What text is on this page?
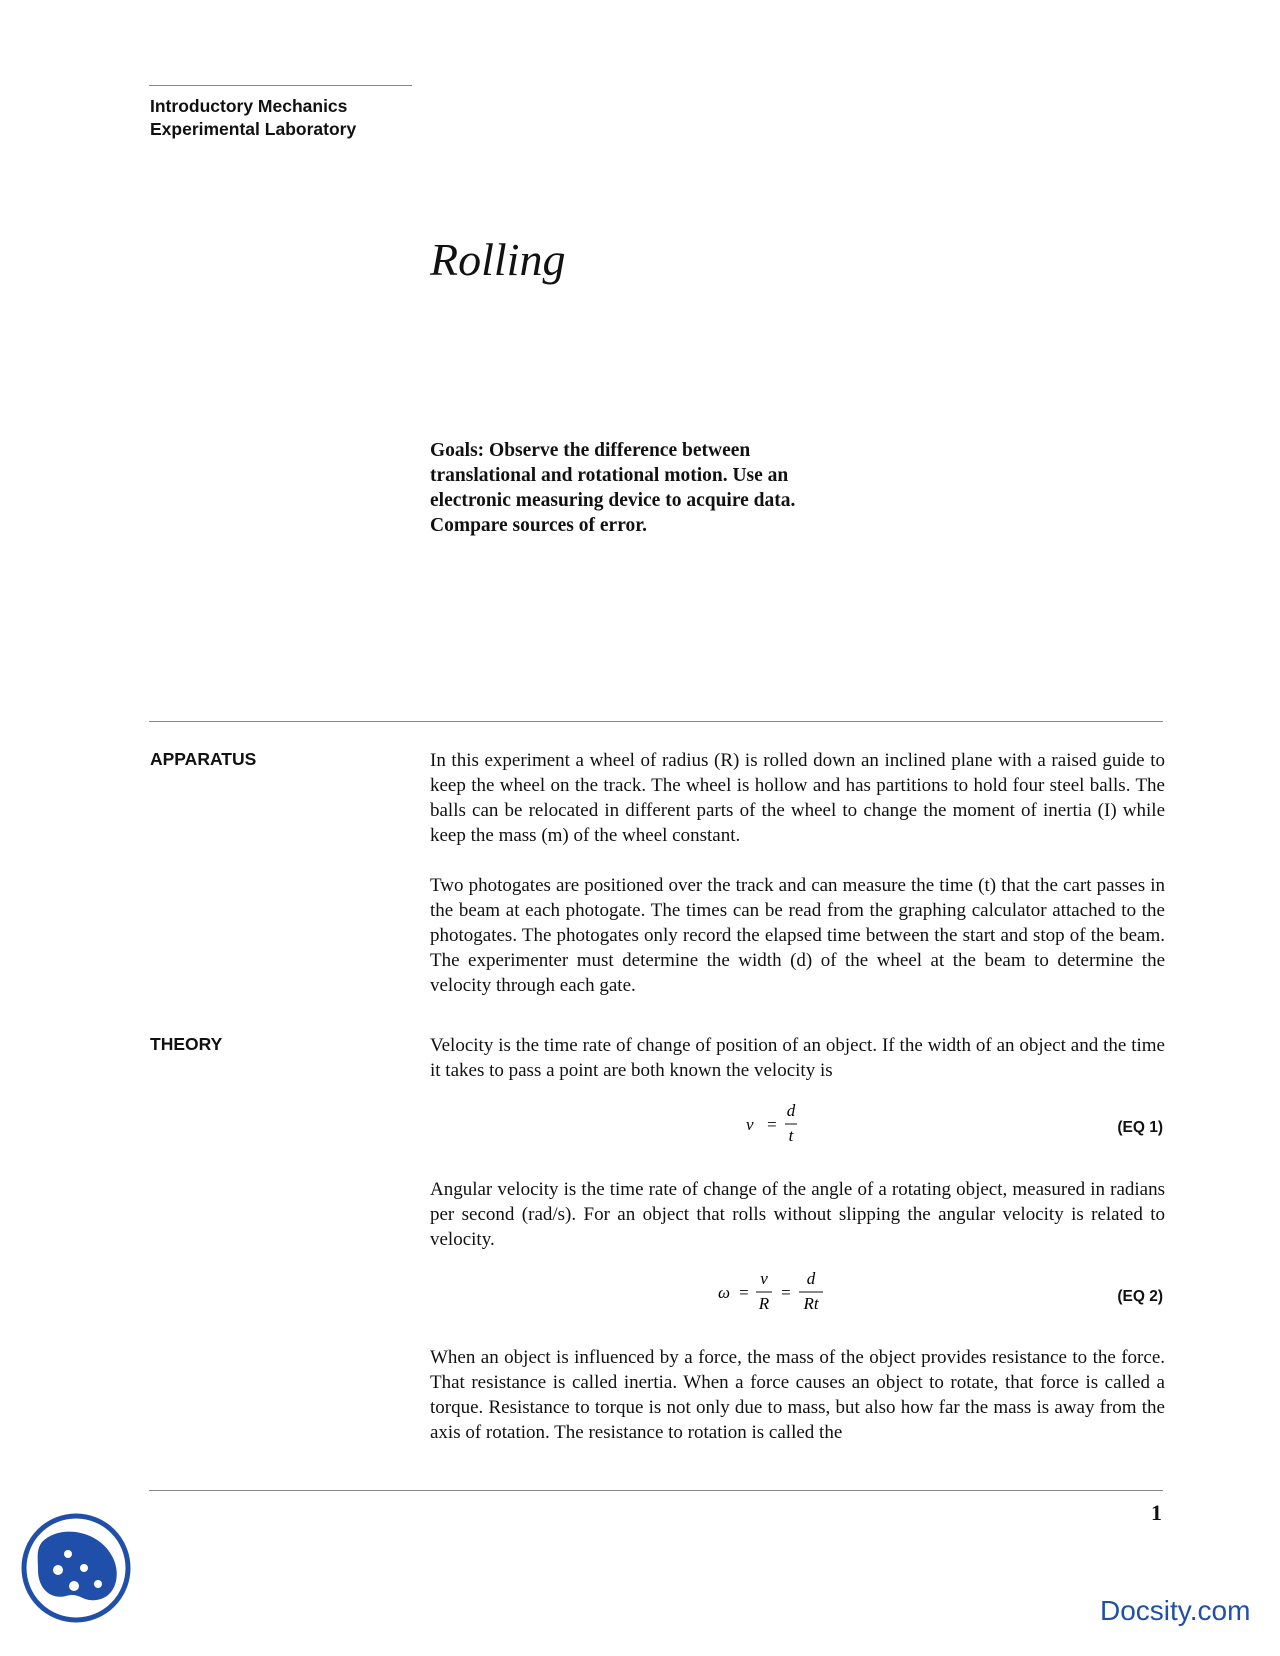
Introductory Mechanics
Experimental Laboratory
Rolling
Goals: Observe the difference between translational and rotational motion. Use an electronic measuring device to acquire data. Compare sources of error.
APPARATUS	In this experiment a wheel of radius (R) is rolled down an inclined plane with a raised guide to keep the wheel on the track. The wheel is hollow and has partitions to hold four steel balls. The balls can be relocated in different parts of the wheel to change the moment of inertia (I) while keep the mass (m) of the wheel constant.
Two photogates are positioned over the track and can measure the time (t) that the cart passes in the beam at each photogate. The times can be read from the graphing calculator attached to the photogates. The photogates only record the elapsed time between the start and stop of the beam. The experimenter must determine the width (d) of the wheel at the beam to determine the velocity through each gate.
THEORY	Velocity is the time rate of change of position of an object. If the width of an object and the time it takes to pass a point are both known the velocity is
v =
d
t	(EQ 1)
Angular velocity is the time rate of change of the angle of a rotating object, measured in radians per second (rad/s). For an object that rolls without slipping the angular velocity is related to velocity.
ω =
v
R
=
d
Rt	(EQ 2)
When an object is influenced by a force, the mass of the object provides resistance to the force. That resistance is called inertia. When a force causes an object to rotate, that force is called a torque. Resistance to torque is not only due to mass, but also how far the mass is away from the axis of rotation. The resistance to rotation is called the
1
Docsity.com
